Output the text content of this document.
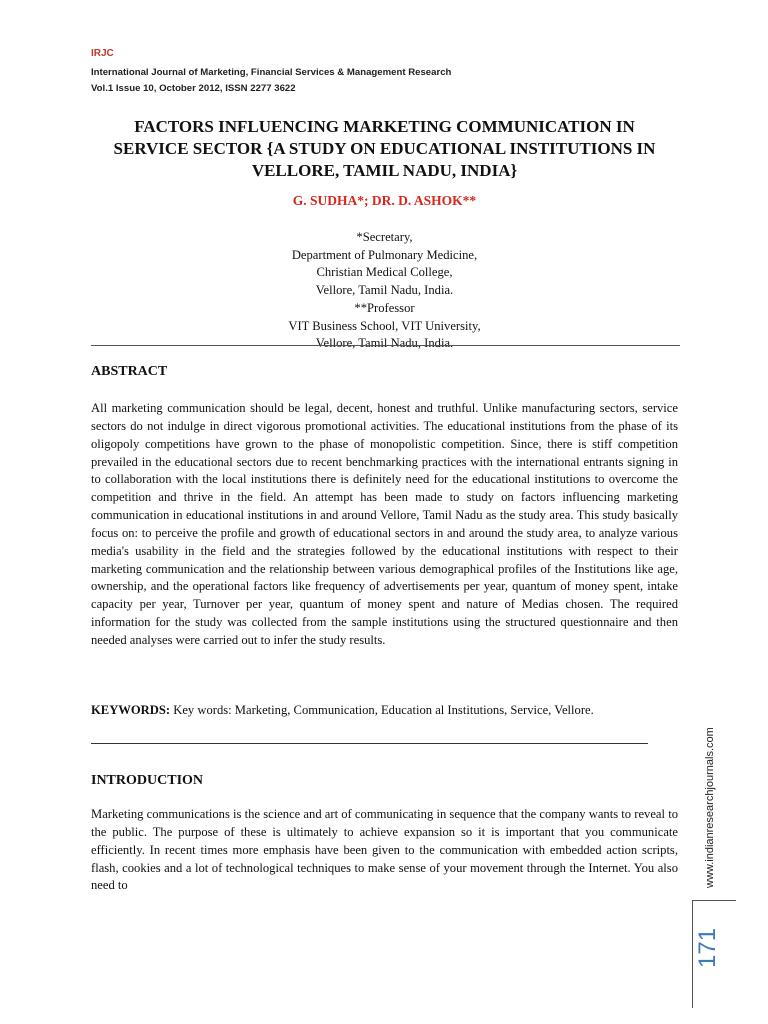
IRJC
International Journal of Marketing, Financial Services & Management Research
Vol.1 Issue 10, October 2012, ISSN 2277 3622
FACTORS INFLUENCING MARKETING COMMUNICATION IN
SERVICE SECTOR {A STUDY ON EDUCATIONAL INSTITUTIONS IN
VELLORE, TAMIL NADU, INDIA}
G. SUDHA*; DR. D. ASHOK**
*Secretary,
Department of Pulmonary Medicine,
Christian Medical College,
Vellore, Tamil Nadu, India.
**Professor
VIT Business School, VIT University,
Vellore, Tamil Nadu, India.
ABSTRACT
All marketing communication should be legal, decent, honest and truthful. Unlike manufacturing sectors, service sectors do not indulge in direct vigorous promotional activities. The educational institutions from the phase of its oligopoly competitions have grown to the phase of monopolistic competition. Since, there is stiff competition prevailed in the educational sectors due to recent benchmarking practices with the international entrants signing in to collaboration with the local institutions there is definitely need for the educational institutions to overcome the competition and thrive in the field. An attempt has been made to study on factors influencing marketing communication in educational institutions in and around Vellore, Tamil Nadu as the study area. This study basically focus on: to perceive the profile and growth of educational sectors in and around the study area, to analyze various media's usability in the field and the strategies followed by the educational institutions with respect to their marketing communication and the relationship between various demographical profiles of the Institutions like age, ownership, and the operational factors like frequency of advertisements per year, quantum of money spent, intake capacity per year, Turnover per year, quantum of money spent and nature of Medias chosen. The required information for the study was collected from the sample institutions using the structured questionnaire and then needed analyses were carried out to infer the study results.
KEYWORDS: Key words: Marketing, Communication, Education al Institutions, Service, Vellore.
INTRODUCTION
Marketing communications is the science and art of communicating in sequence that the company wants to reveal to the public. The purpose of these is ultimately to achieve expansion so it is important that you communicate efficiently. In recent times more emphasis have been given to the communication with embedded action scripts, flash, cookies and a lot of technological techniques to make sense of your movement through the Internet. You also need to	www.indianresearchjournals.com
171
